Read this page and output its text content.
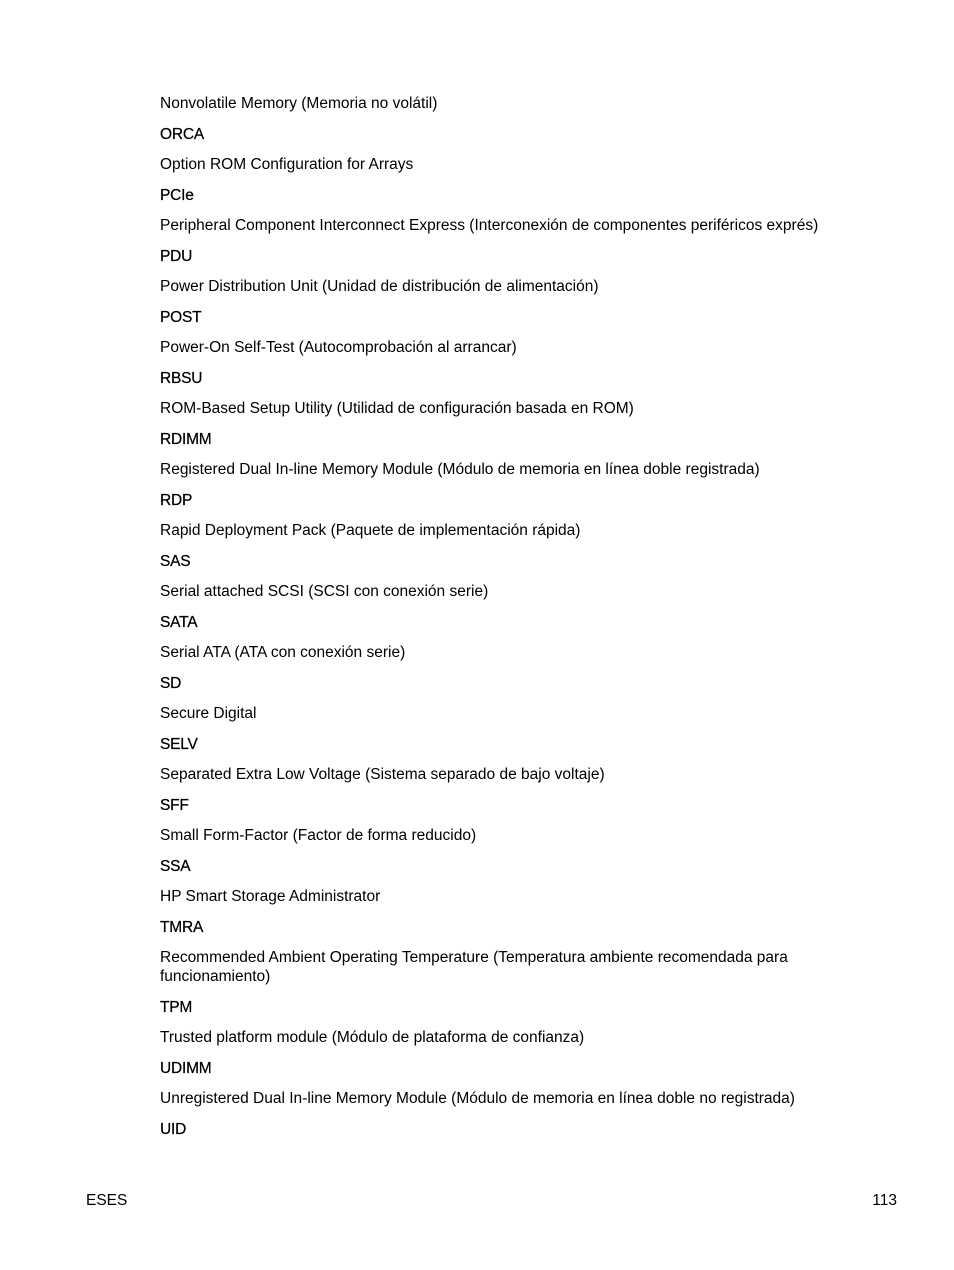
Nonvolatile Memory (Memoria no volátil)

ORCA

Option ROM Configuration for Arrays

PCIe

Peripheral Component Interconnect Express (Interconexión de componentes periféricos exprés)

PDU

Power Distribution Unit (Unidad de distribución de alimentación)

POST

Power-On Self-Test (Autocomprobación al arrancar)

RBSU

ROM-Based Setup Utility (Utilidad de configuración basada en ROM)

RDIMM

Registered Dual In-line Memory Module (Módulo de memoria en línea doble registrada)

RDP

Rapid Deployment Pack (Paquete de implementación rápida)

SAS

Serial attached SCSI (SCSI con conexión serie)

SATA

Serial ATA (ATA con conexión serie)

SD

Secure Digital

SELV

Separated Extra Low Voltage (Sistema separado de bajo voltaje)

SFF

Small Form-Factor (Factor de forma reducido)

SSA

HP Smart Storage Administrator

TMRA

Recommended Ambient Operating Temperature (Temperatura ambiente recomendada para funcionamiento)

TPM

Trusted platform module (Módulo de plataforma de confianza)

UDIMM

Unregistered Dual In-line Memory Module (Módulo de memoria en línea doble no registrada)

UID

ESES	113
